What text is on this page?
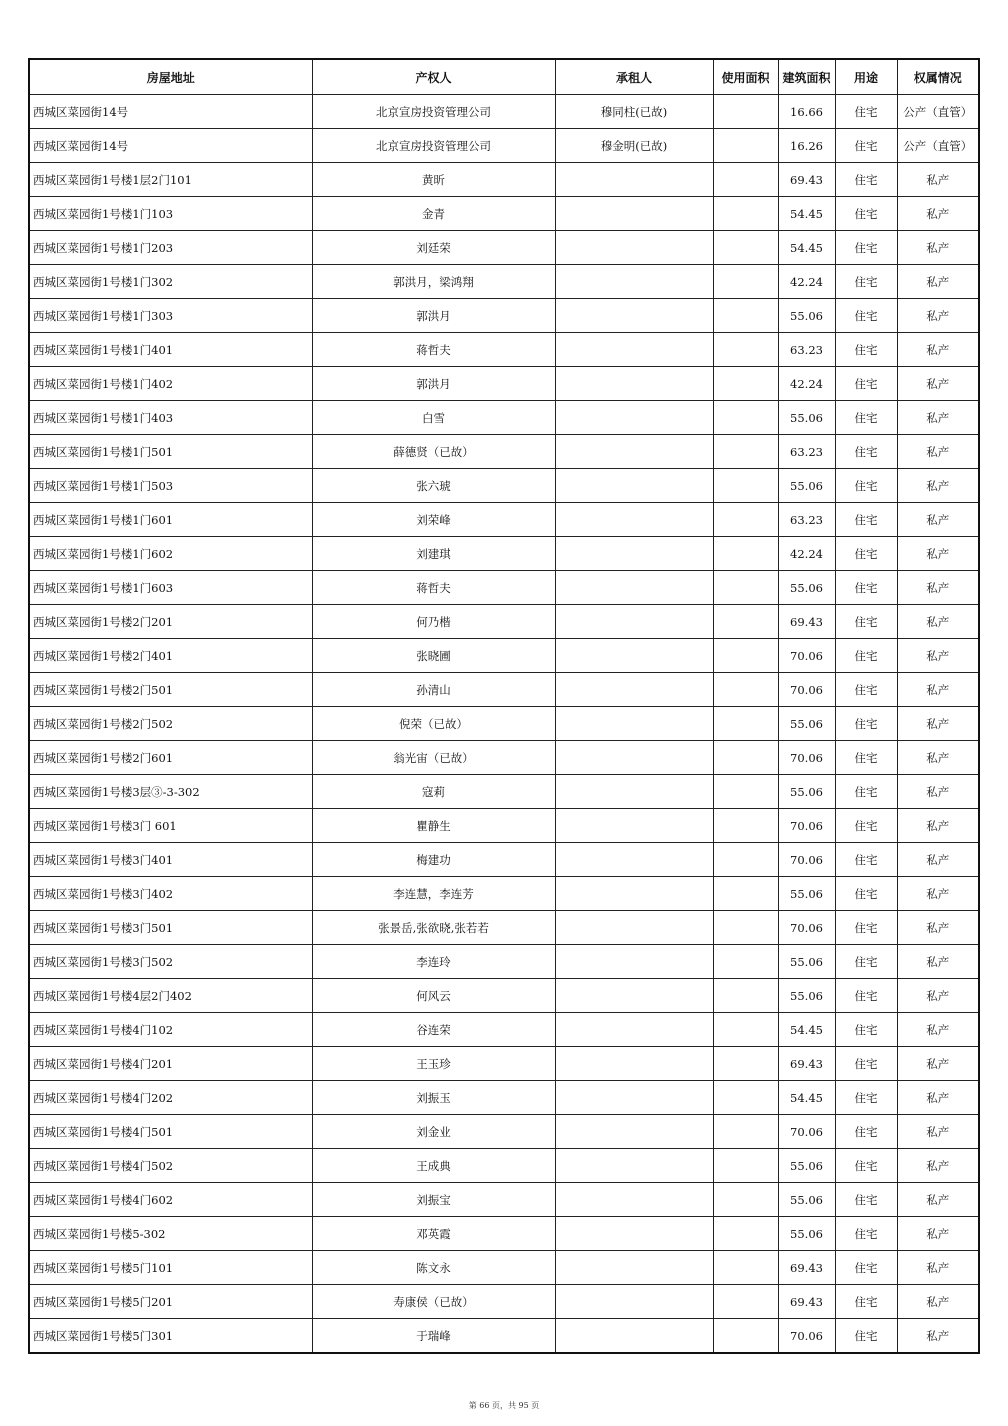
房屋地址	产权人	承租人	使用面积	建筑面积	用途	权属情况
西城区菜园街14号	北京宣房投资管理公司	穆同柱(已故)		16.66	住宅	公产（直管）
西城区菜园街14号	北京宣房投资管理公司	穆金明(已故)		16.26	住宅	公产（直管）
西城区菜园街1号楼1层2门101	黄昕			69.43	住宅	私产
西城区菜园街1号楼1门103	金青			54.45	住宅	私产
西城区菜园街1号楼1门203	刘廷荣			54.45	住宅	私产
西城区菜园街1号楼1门302	郭洪月，梁鸿翔			42.24	住宅	私产
西城区菜园街1号楼1门303	郭洪月			55.06	住宅	私产
西城区菜园街1号楼1门401	蒋哲夫			63.23	住宅	私产
西城区菜园街1号楼1门402	郭洪月			42.24	住宅	私产
西城区菜园街1号楼1门403	白雪			55.06	住宅	私产
西城区菜园街1号楼1门501	薛德贤（已故）			63.23	住宅	私产
西城区菜园街1号楼1门503	张六琥			55.06	住宅	私产
西城区菜园街1号楼1门601	刘荣峰			63.23	住宅	私产
西城区菜园街1号楼1门602	刘建琪			42.24	住宅	私产
西城区菜园街1号楼1门603	蒋哲夫			55.06	住宅	私产
西城区菜园街1号楼2门201	何乃楷			69.43	住宅	私产
西城区菜园街1号楼2门401	张晓圃			70.06	住宅	私产
西城区菜园街1号楼2门501	孙清山			70.06	住宅	私产
西城区菜园街1号楼2门502	倪荣（已故）			55.06	住宅	私产
西城区菜园街1号楼2门601	翁光宙（已故）			70.06	住宅	私产
西城区菜园街1号楼3层③-3-302	寇莉			55.06	住宅	私产
西城区菜园街1号楼3门 601	瞿静生			70.06	住宅	私产
西城区菜园街1号楼3门401	梅建功			70.06	住宅	私产
西城区菜园街1号楼3门402	李连慧，李连芳			55.06	住宅	私产
西城区菜园街1号楼3门501	张景岳,张欲晓,张若若			70.06	住宅	私产
西城区菜园街1号楼3门502	李连玲			55.06	住宅	私产
西城区菜园街1号楼4层2门402	何风云			55.06	住宅	私产
西城区菜园街1号楼4门102	谷连荣			54.45	住宅	私产
西城区菜园街1号楼4门201	王玉珍			69.43	住宅	私产
西城区菜园街1号楼4门202	刘振玉			54.45	住宅	私产
西城区菜园街1号楼4门501	刘金业			70.06	住宅	私产
西城区菜园街1号楼4门502	王成典			55.06	住宅	私产
西城区菜园街1号楼4门602	刘振宝			55.06	住宅	私产
西城区菜园街1号楼5-302	邓英霞			55.06	住宅	私产
西城区菜园街1号楼5门101	陈文永			69.43	住宅	私产
西城区菜园街1号楼5门201	寿康侯（已故）			69.43	住宅	私产
西城区菜园街1号楼5门301	于瑞峰			70.06	住宅	私产
第 66 页，共 95 页
